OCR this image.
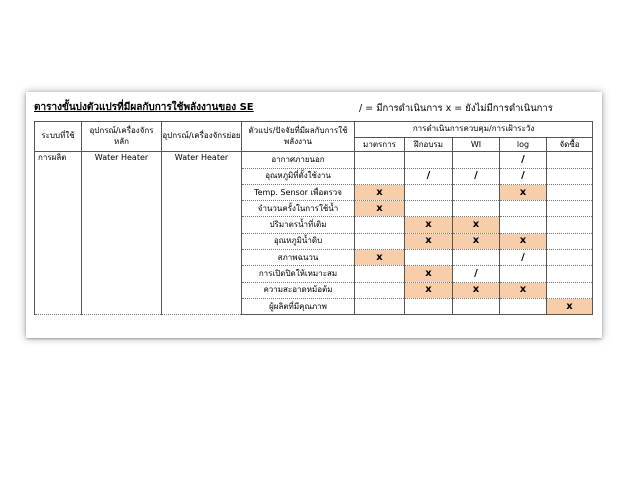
ตารางขั้นบ่งตัวแปรที่มีผลกับการใช้พลังงานของ SE	/ = มีการดำเนินการ x = ยังไม่มีการดำเนินการ
ระบบที่ใช้	อุปกรณ์/เครื่องจักรหลัก	อุปกรณ์/เครื่องจักรย่อย	ตัวแปร/ปัจจัยที่มีผลกับการใช้พลังงาน	การดำเนินการควบคุม/การเฝ้าระวัง				
				มาตรการ	ฝึกอบรม	WI	log	จัดซื้อ
การผลิต	Water Heater	Water Heater	อากาศภายนอก				/	
			อุณหภูมิที่ตั้งใช้งาน		/	/	/	
			Temp. Sensor เพื่อตรวจ	x			x	
			จำนวนครั้งในการใช้น้ำ	x				
			ปริมาตรน้ำที่เติม		x	x		
			อุณหภูมิน้ำดิบ		x	x	x	
			สภาพฉนวน	x			/	
			การเปิดปิดให้เหมาะสม		x	/		
			ความสะอาดหม้อต้ม		x	x	x	
			ผู้ผลิตที่มีคุณภาพ					x
